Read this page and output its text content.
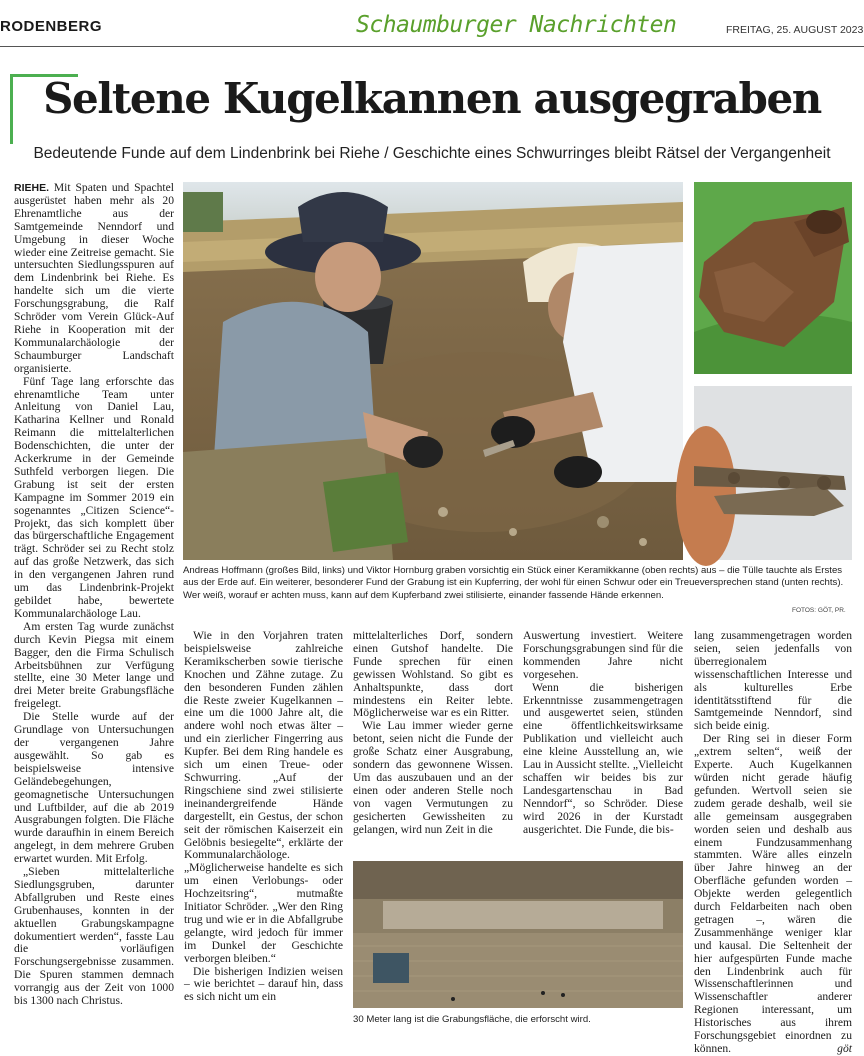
RODENBERG	Schaumburger Nachrichten	FREITAG, 25. AUGUST 2023
Seltene Kugelkannen ausgegraben
Bedeutende Funde auf dem Lindenbrink bei Riehe / Geschichte eines Schwurringes bleibt Rätsel der Vergangenheit

RIEHE. Mit Spaten und Spachtel ausgerüstet haben mehr als 20 Ehrenamtliche aus der Samtgemeinde Nenndorf und Umgebung in dieser Woche wieder eine Zeitreise gemacht. Sie untersuchten Siedlungsspuren auf dem Lindenbrink bei Riehe. Es handelte sich um die vierte Forschungsgrabung, die Ralf Schröder vom Verein Glück-Auf Riehe in Kooperation mit der Kommunalarchäologie der Schaumburger Landschaft organisierte.

Fünf Tage lang erforschte das ehrenamtliche Team unter Anleitung von Daniel Lau, Katharina Kellner und Ronald Reimann die mittelalterlichen Bodenschichten, die unter der Ackerkrume in der Gemeinde Suthfeld verborgen liegen. Die Grabung ist seit der ersten Kampagne im Sommer 2019 ein sogenanntes „Citizen Science“-Projekt, das sich komplett über das bürgerschaftliche Engagement trägt. Schröder sei zu Recht stolz auf das große Netzwerk, das sich in den vergangenen Jahren rund um das Lindenbrink-Projekt gebildet habe, bewertete Kommunalarchäologe Lau.

Am ersten Tag wurde zunächst durch Kevin Piegsa mit einem Bagger, den die Firma Schulisch Arbeitsbühnen zur Verfügung stellte, eine 30 Meter lange und drei Meter breite Grabungsfläche freigelegt.

Die Stelle wurde auf der Grundlage von Untersuchungen der vergangenen Jahre ausgewählt. So gab es beispielsweise intensive Geländebegehungen, geomagnetische Untersuchungen und Luftbilder, auf die ab 2019 Ausgrabungen folgten. Die Fläche wurde daraufhin in einem Bereich angelegt, in dem mehrere Gruben erwartet wurden. Mit Erfolg.

„Sieben mittelalterliche Siedlungsgruben, darunter Abfallgruben und Reste eines Grubenhauses, konnten in der aktuellen Grabungskampagne dokumentiert werden“, fasste Lau die vorläufigen Forschungsergebnisse zusammen. Die Spuren stammen demnach vorrangig aus der Zeit von 1000 bis 1300 nach Christus.

Andreas Hoffmann (großes Bild, links) und Viktor Hornburg graben vorsichtig ein Stück einer Keramikkanne (oben rechts) aus – die Tülle tauchte als Erstes aus der Erde auf. Ein weiterer, besonderer Fund der Grabung ist ein Kupferring, der wohl für einen Schwur oder ein Treueversprechen stand (unten rechts). Wer weiß, worauf er achten muss, kann auf dem Kupferband zwei stilisierte, einander fassende Hände erkennen.
FOTOS: GÖT, PR.

Wie in den Vorjahren traten beispielsweise zahlreiche Keramikscherben sowie tierische Knochen und Zähne zutage. Zu den besonderen Funden zählen die Reste zweier Kugelkannen – eine um die 1000 Jahre alt, die andere wohl noch etwas älter – und ein zierlicher Fingerring aus Kupfer. Bei dem Ring handele es sich um einen Treue- oder Schwurring. „Auf der Ringschiene sind zwei stilisierte ineinandergreifende Hände dargestellt, ein Gestus, der schon seit der römischen Kaiserzeit ein Gelöbnis besiegelte“, erklärte der Kommunalarchäologe. „Möglicherweise handelte es sich um einen Verlobungs- oder Hochzeitsring“, mutmaßte Initiator Schröder. „Wer den Ring trug und wie er in die Abfallgrube gelangte, wird jedoch für immer im Dunkel der Geschichte verborgen bleiben.“

Die bisherigen Indizien weisen – wie berichtet – darauf hin, dass es sich nicht um ein

mittelalterliches Dorf, sondern einen Gutshof handelte. Die Funde sprechen für einen gewissen Wohlstand. So gibt es Anhaltspunkte, dass dort mindestens ein Reiter lebte. Möglicherweise war es ein Ritter.

Wie Lau immer wieder gerne betont, seien nicht die Funde der große Schatz einer Ausgrabung, sondern das gewonnene Wissen. Um das auszubauen und an der einen oder anderen Stelle noch von vagen Vermutungen zu gesicherten Gewissheiten zu gelangen, wird nun Zeit in die

Auswertung investiert. Weitere Forschungsgrabungen sind für die kommenden Jahre nicht vorgesehen.

Wenn die bisherigen Erkenntnisse zusammengetragen und ausgewertet seien, stünden eine öffentlichkeitswirksame Publikation und vielleicht auch eine kleine Ausstellung an, wie Lau in Aussicht stellte. „Vielleicht schaffen wir beides bis zur Landesgartenschau in Bad Nenndorf“, so Schröder. Diese wird 2026 in der Kurstadt ausgerichtet. Die Funde, die bis-

30 Meter lang ist die Grabungsfläche, die erforscht wird.

lang zusammengetragen worden seien, seien jedenfalls von überregionalem wissenschaftlichen Interesse und als kulturelles Erbe identitätsstiftend für die Samtgemeinde Nenndorf, sind sich beide einig.

Der Ring sei in dieser Form „extrem selten“, weiß der Experte. Auch Kugelkannen würden nicht gerade häufig gefunden. Wertvoll seien sie zudem gerade deshalb, weil sie alle gemeinsam ausgegraben worden seien und deshalb aus einem Fundzusammenhang stammten. Wäre alles einzeln über Jahre hinweg an der Oberfläche gefunden worden – Objekte werden gelegentlich durch Feldarbeiten nach oben getragen –, wären die Zusammenhänge weniger klar und kausal. Die Seltenheit der hier aufgespürten Funde mache den Lindenbrink auch für Wissenschaftlerinnen und Wissenschaftler anderer Regionen interessant, um Historisches aus ihrem Forschungsgebiet einordnen zu können.	göt
